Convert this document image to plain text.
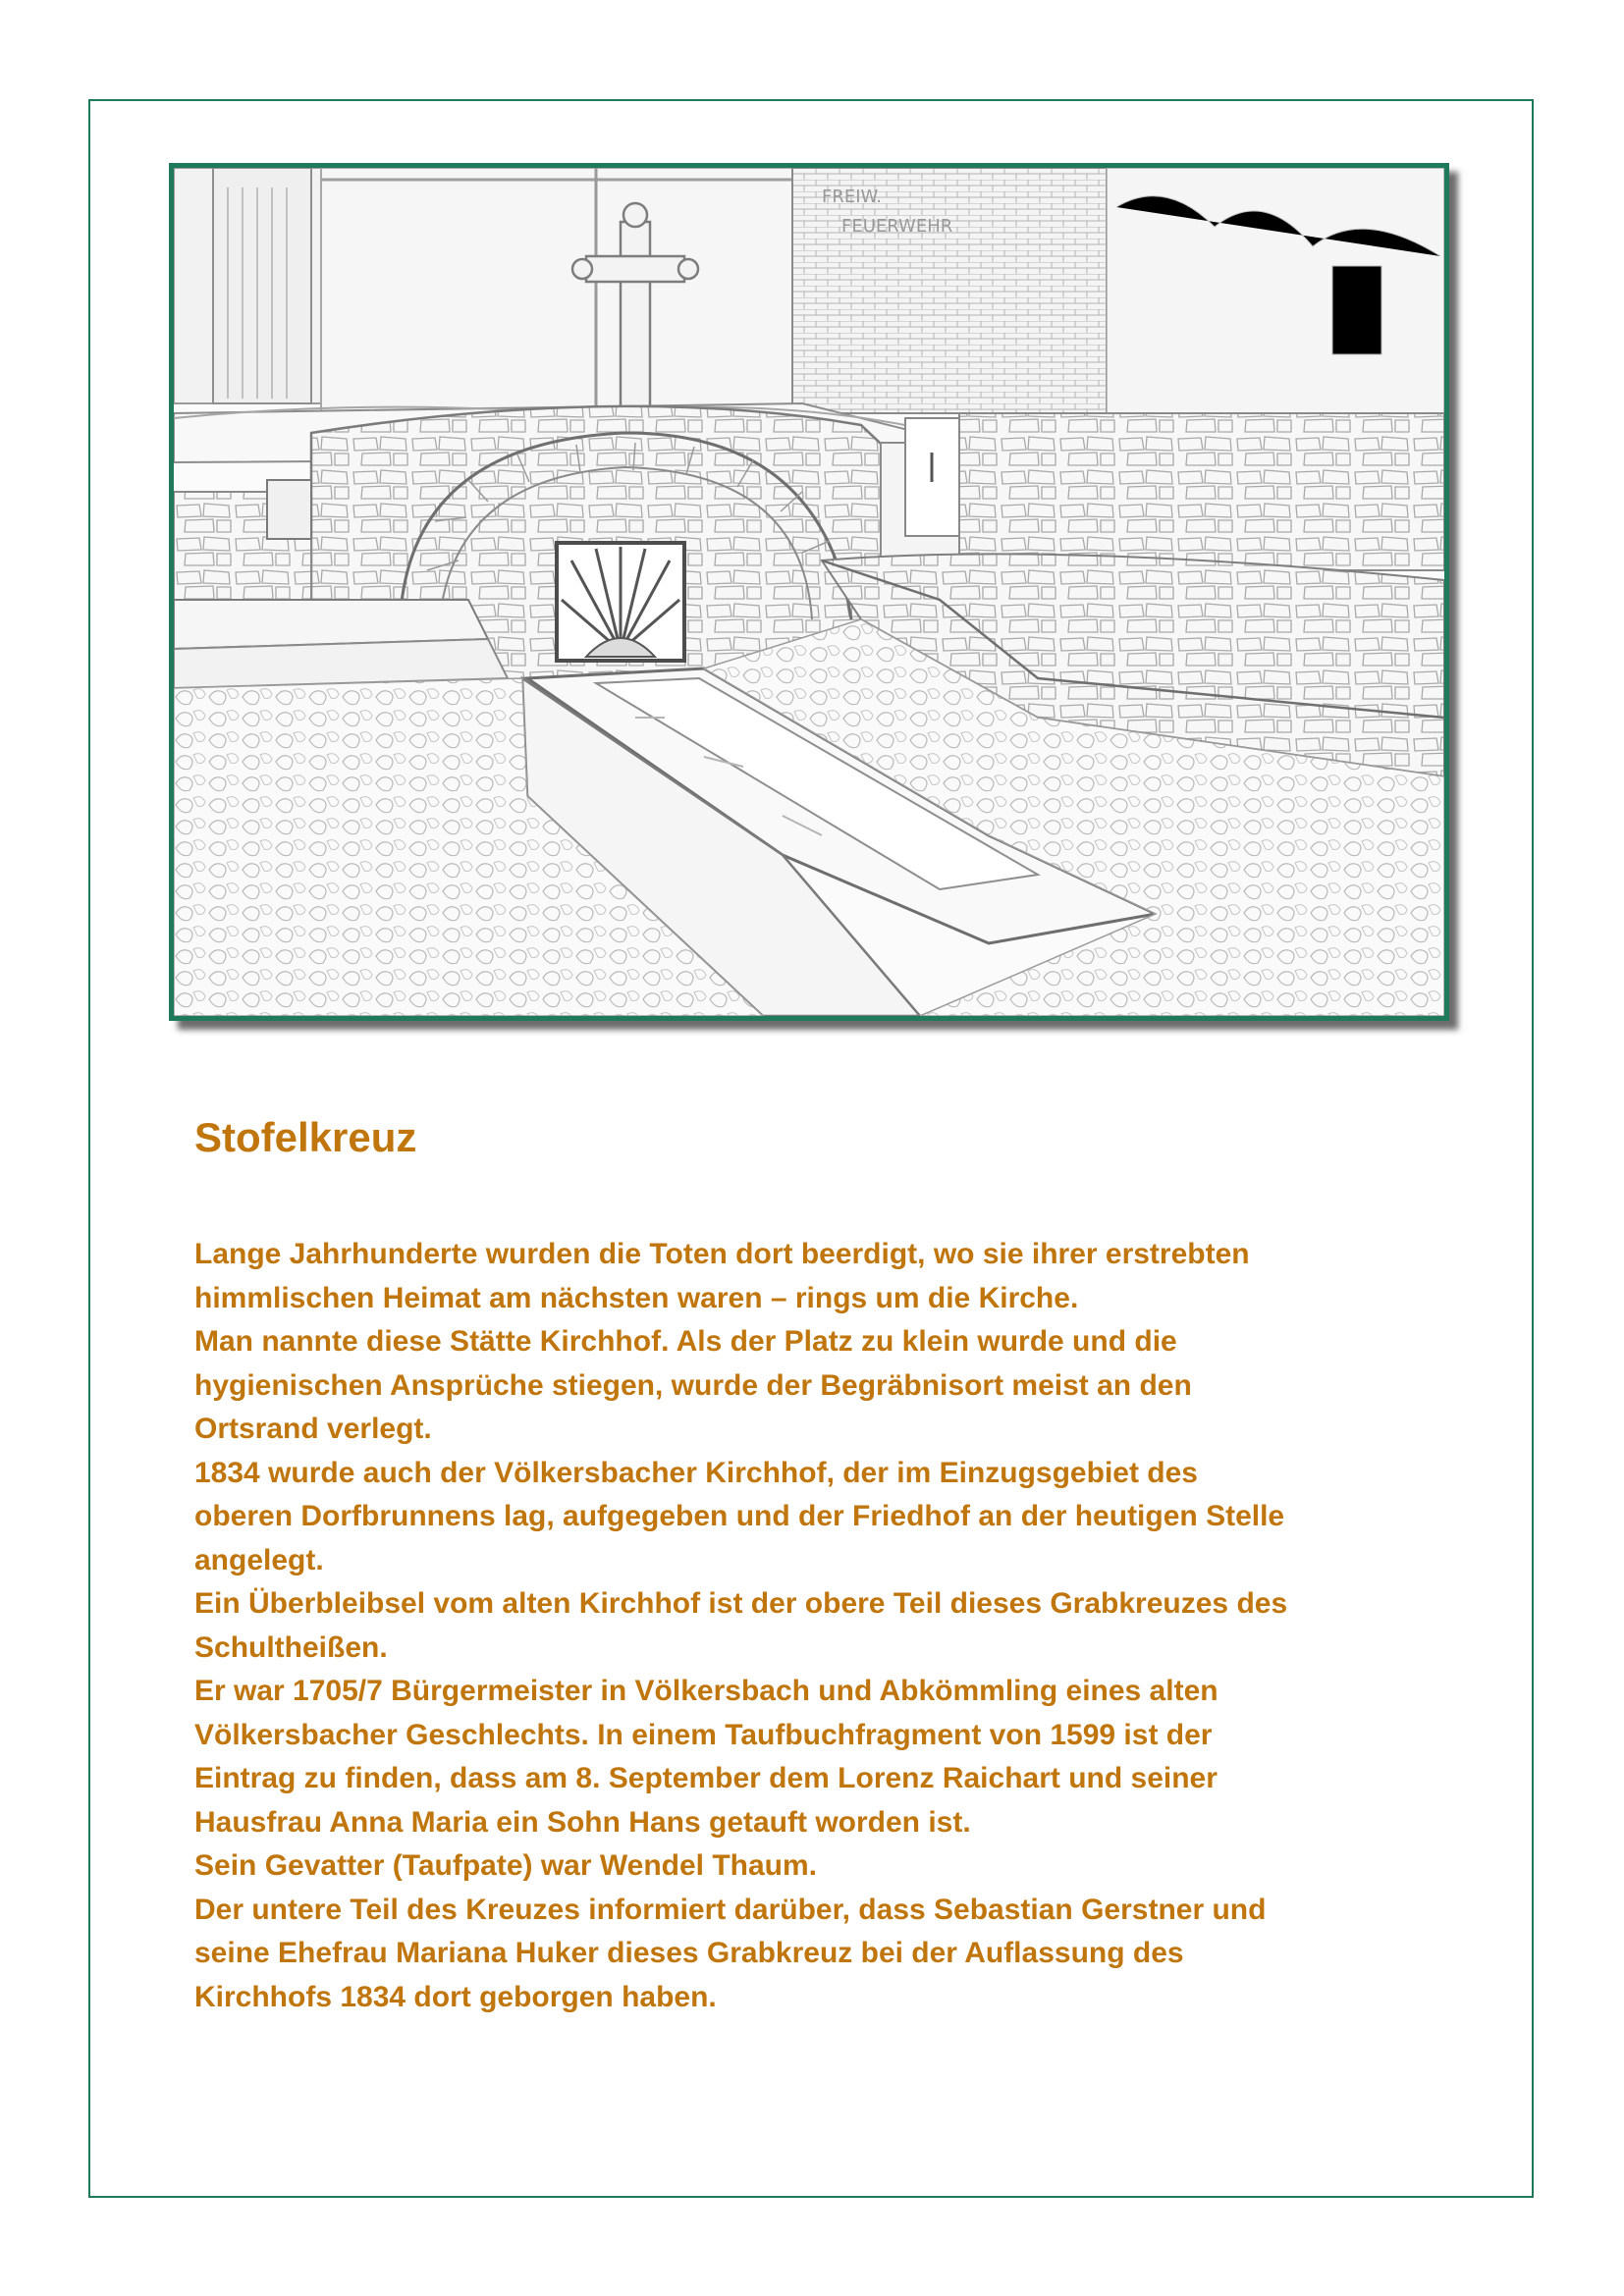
FREIW.
FEUERWEHR
Stofelkreuz
Lange Jahrhunderte wurden die Toten dort beerdigt, wo sie ihrer erstrebten
himmlischen Heimat am nächsten waren – rings um die Kirche.
Man nannte diese Stätte Kirchhof. Als der Platz zu klein wurde und die
hygienischen Ansprüche stiegen, wurde der Begräbnisort meist an den
Ortsrand verlegt.
1834 wurde auch der Völkersbacher Kirchhof, der im Einzugsgebiet des
oberen Dorfbrunnens lag, aufgegeben und der Friedhof an der heutigen Stelle
angelegt.
Ein Überbleibsel vom alten Kirchhof ist der obere Teil dieses Grabkreuzes des
Schultheißen.
Er war 1705/7 Bürgermeister in Völkersbach und Abkömmling eines alten
Völkersbacher Geschlechts. In einem Taufbuchfragment von 1599 ist der
Eintrag zu finden, dass am 8. September dem Lorenz Raichart und seiner
Hausfrau Anna Maria ein Sohn Hans getauft worden ist.
Sein Gevatter (Taufpate) war Wendel Thaum.
Der untere Teil des Kreuzes informiert darüber, dass Sebastian Gerstner und
seine Ehefrau Mariana Huker dieses Grabkreuz bei der Auflassung des
Kirchhofs 1834 dort geborgen haben.
